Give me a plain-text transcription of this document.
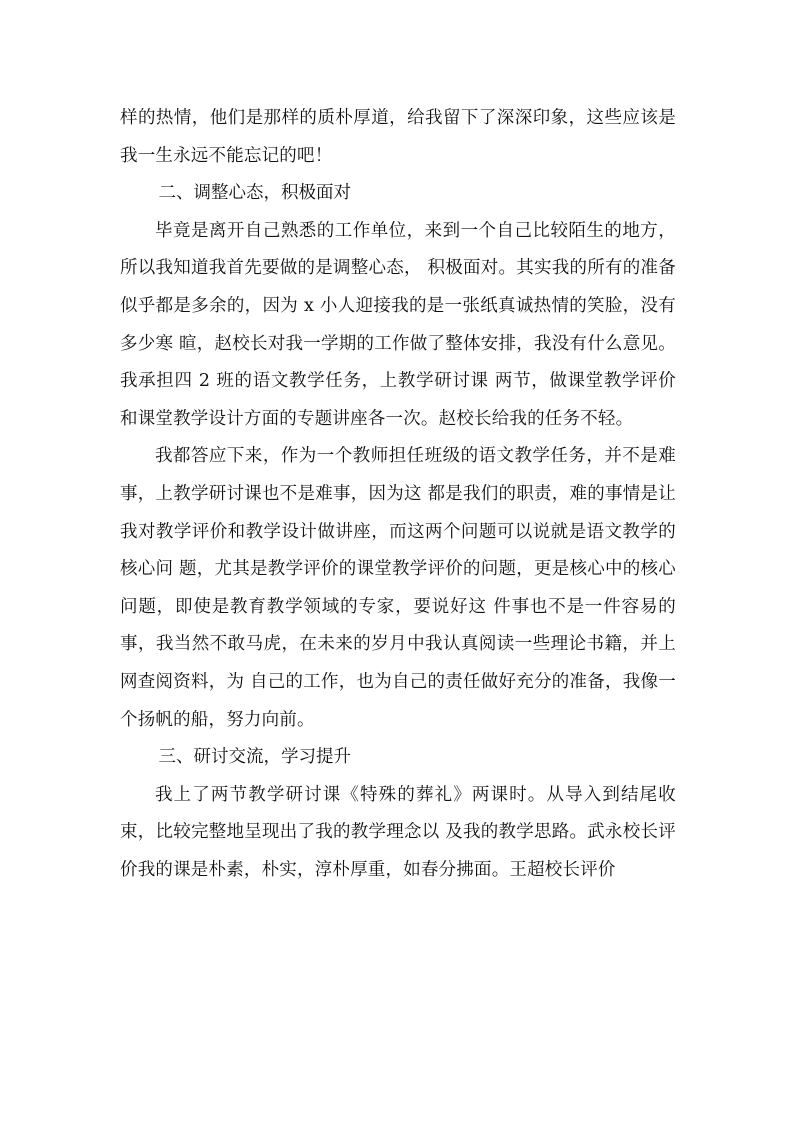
样的热情，他们是那样的质朴厚道，给我留下了深深印象，这些应该是我一生永远不能忘记的吧！

二、调整心态，积极面对

毕竟是离开自己熟悉的工作单位，来到一个自己比较陌生的地方，所以我知道我首先要做的是调整心态， 积极面对。其实我的所有的准备似乎都是多余的，因为 x 小人迎接我的是一张纸真诚热情的笑脸，没有多少寒 暄，赵校长对我一学期的工作做了整体安排，我没有什么意见。我承担四 2 班的语文教学任务，上教学研讨课 两节，做课堂教学评价和课堂教学设计方面的专题讲座各一次。赵校长给我的任务不轻。

我都答应下来，作为一个教师担任班级的语文教学任务，并不是难事，上教学研讨课也不是难事，因为这 都是我们的职责，难的事情是让我对教学评价和教学设计做讲座，而这两个问题可以说就是语文教学的核心问 题，尤其是教学评价的课堂教学评价的问题，更是核心中的核心问题，即使是教育教学领域的专家，要说好这 件事也不是一件容易的事，我当然不敢马虎，在未来的岁月中我认真阅读一些理论书籍，并上网查阅资料，为 自己的工作，也为自己的责任做好充分的准备，我像一个扬帆的船，努力向前。

三、研讨交流，学习提升

我上了两节教学研讨课《特殊的葬礼》两课时。从导入到结尾收束，比较完整地呈现出了我的教学理念以 及我的教学思路。武永校长评价我的课是朴素，朴实，淳朴厚重，如春分拂面。王超校长评价
